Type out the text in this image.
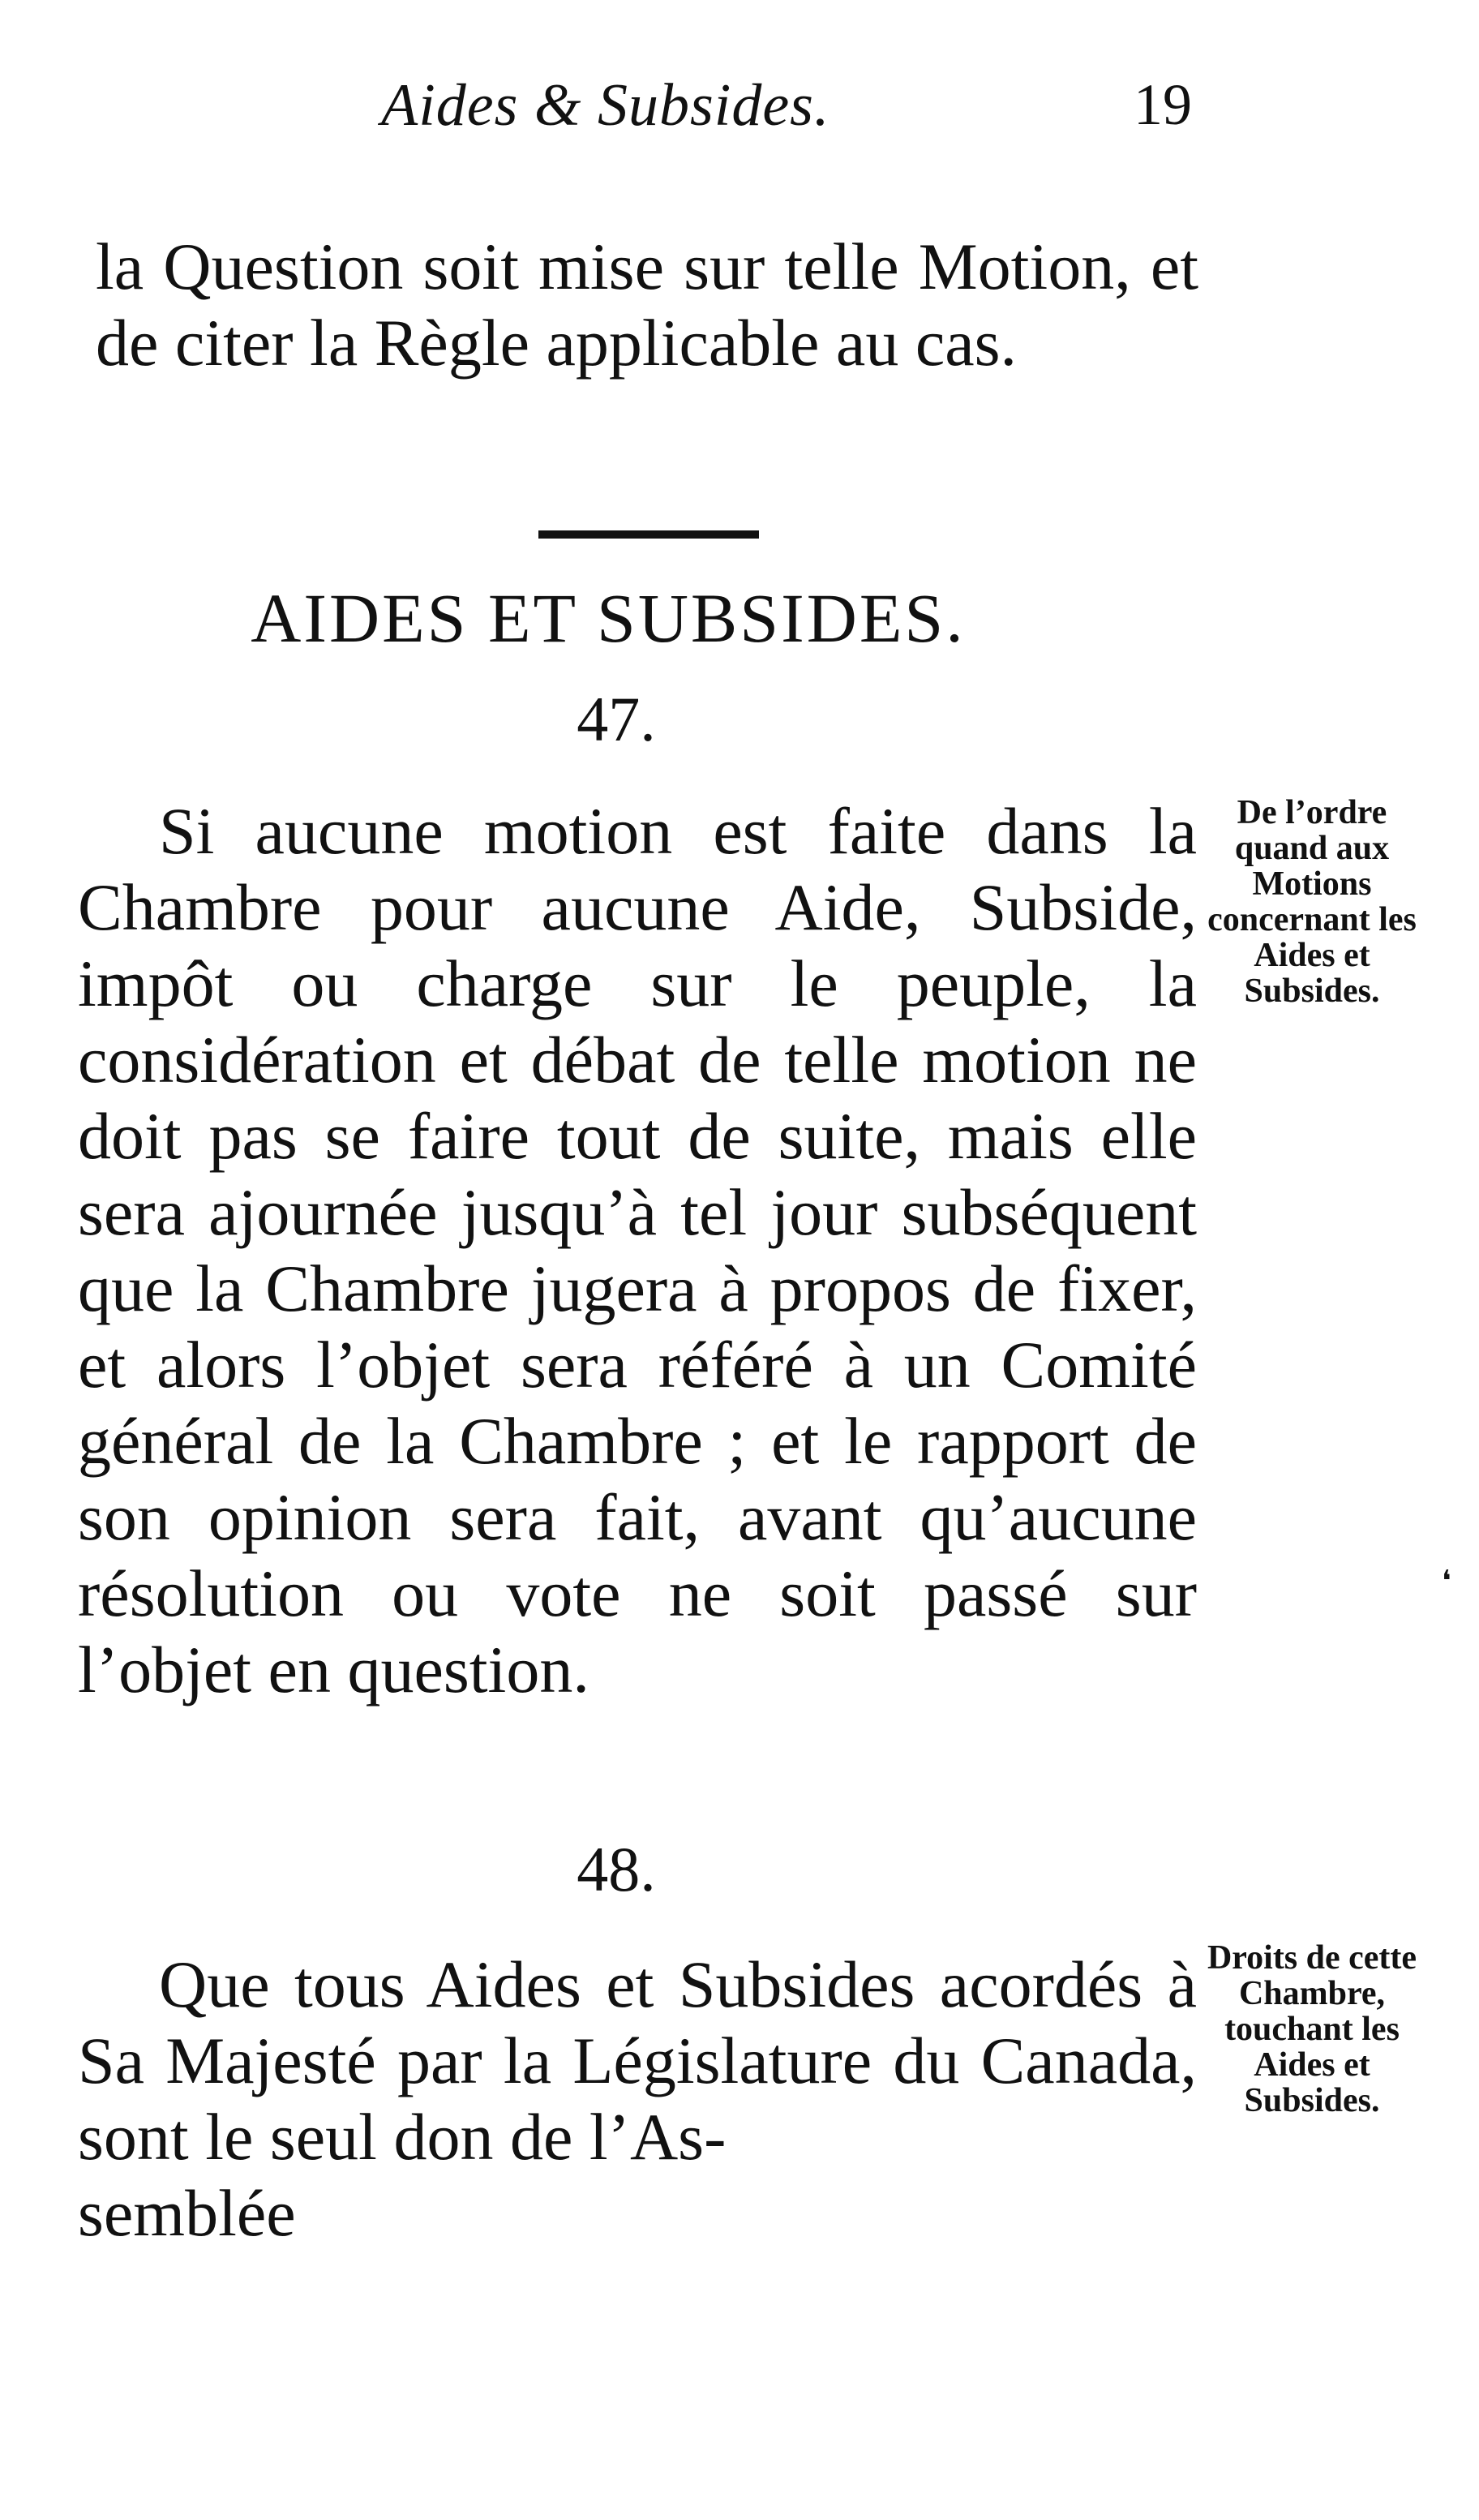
Aides & Subsides.	19
la Question soit mise sur telle Motion, et de citer la Règle applicable au cas.
AIDES ET SUBSIDES.
47.
Si aucune motion est faite dans la Chambre pour aucune Aide, Subside, impôt ou charge sur le peuple, la considération et débat de telle motion ne doit pas se faire tout de suite, mais elle sera ajournée jusqu’à tel jour subséquent que la Chambre jugera à propos de fixer, et alors l’objet sera référé à un Comité général de la Chambre ; et le rapport de son opinion sera fait, avant qu’aucune résolution ou vote ne soit passé sur l’objet en question.
De l’ordre quand aux Motions concernant les Aides et Subsides.
❛
48.
Que tous Aides et Subsides acordés à Sa Majesté par la Législature du Canada, sont le seul don de l’As-
semblée
Droits de cette Chambre, touchant les Aides et Subsides.
